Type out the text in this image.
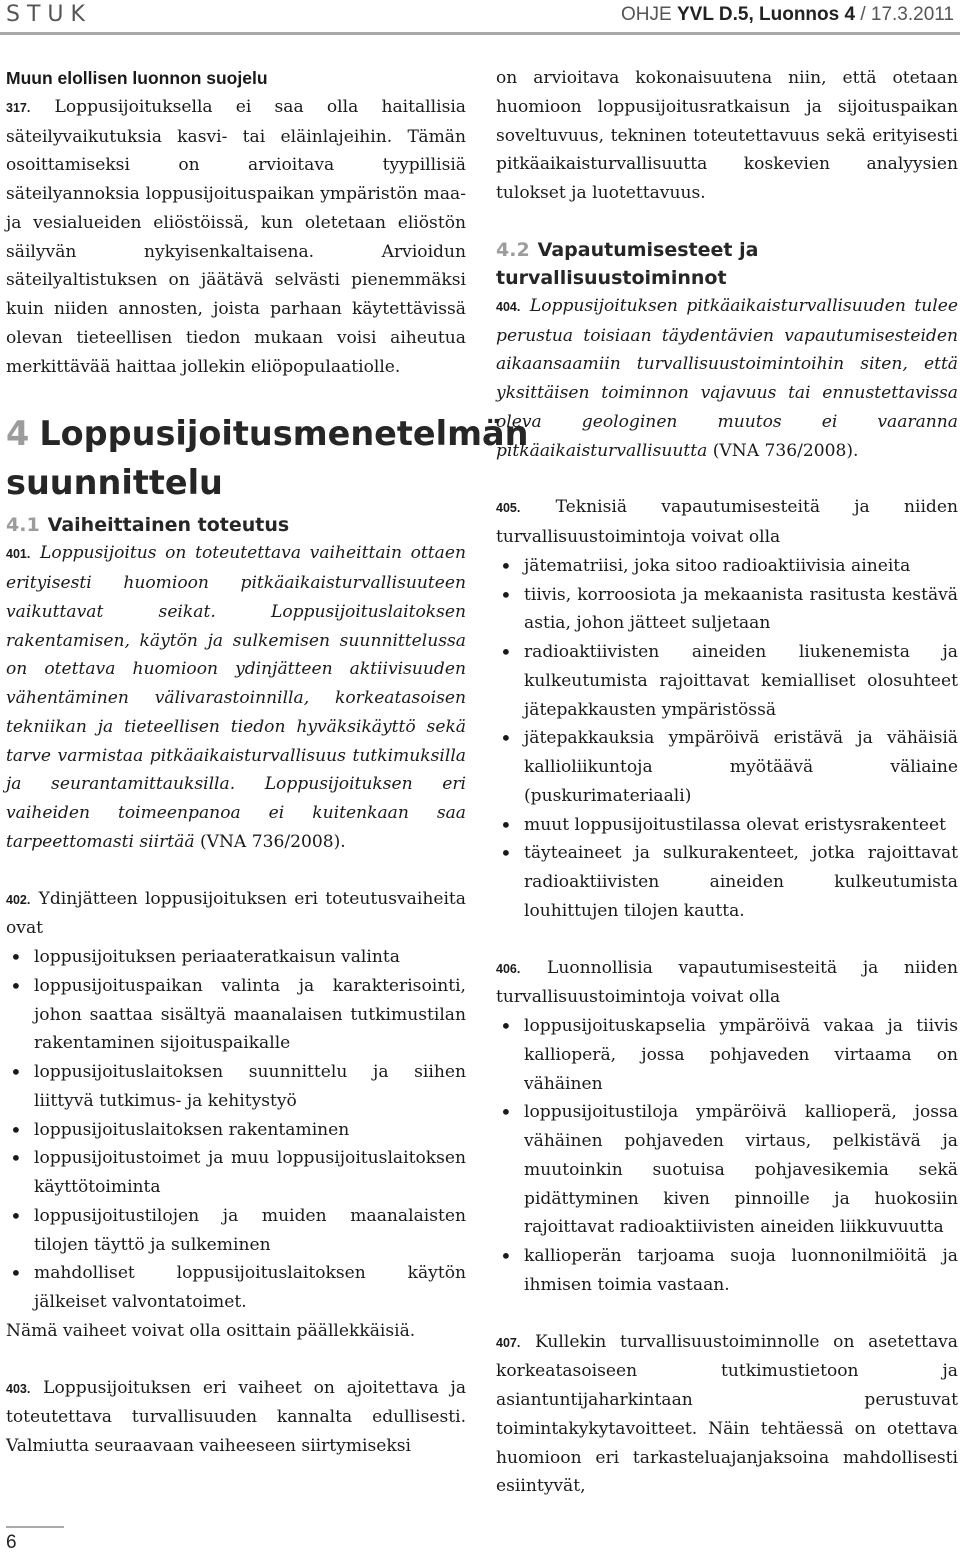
STUK	OHJE YVL D.5, Luonnos 4 / 17.3.2011

Muun elollisen luonnon suojelu

317. Loppusijoituksella ei saa olla haitallisia säteilyvaikutuksia kasvi- tai eläinlajeihin. Tämän osoittamiseksi on arvioitava tyypillisiä säteilyannoksia loppusijoituspaikan ympäristön maa- ja vesialueiden eliöstöissä, kun oletetaan eliöstön säilyvän nykyisenkaltaisena. Arvioidun säteilyaltistuksen on jäätävä selvästi pienemmäksi kuin niiden annosten, joista parhaan käytettävissä olevan tieteellisen tiedon mukaan voisi aiheutua merkittävää haittaa jollekin eliöpopulaatiolle.

4 Loppusijoitusmenetelmän suunnittelu
4.1 Vaiheittainen toteutus

401. Loppusijoitus on toteutettava vaiheittain ottaen erityisesti huomioon pitkäaikaisturvallisuuteen vaikuttavat seikat. Loppusijoituslaitoksen rakentamisen, käytön ja sulkemisen suunnittelussa on otettava huomioon ydinjätteen aktiivisuuden vähentäminen välivarastoinnilla, korkeatasoisen tekniikan ja tieteellisen tiedon hyväksikäyttö sekä tarve varmistaa pitkäaikaisturvallisuus tutkimuksilla ja seurantamittauksilla. Loppusijoituksen eri vaiheiden toimeenpanoa ei kuitenkaan saa tarpeettomasti siirtää (VNA 736/2008).

402. Ydinjätteen loppusijoituksen eri toteutusvaiheita ovat

• loppusijoituksen periaateratkaisun valinta
• loppusijoituspaikan valinta ja karakterisointi, johon saattaa sisältyä maanalaisen tutkimustilan rakentaminen sijoituspaikalle
• loppusijoituslaitoksen suunnittelu ja siihen liittyvä tutkimus- ja kehitystyö
• loppusijoituslaitoksen rakentaminen
• loppusijoitustoimet ja muu loppusijoituslaitoksen käyttötoiminta
• loppusijoitustilojen ja muiden maanalaisten tilojen täyttö ja sulkeminen
• mahdolliset loppusijoituslaitoksen käytön jälkeiset valvontatoimet.

Nämä vaiheet voivat olla osittain päällekkäisiä.

403. Loppusijoituksen eri vaiheet on ajoitettava ja toteutettava turvallisuuden kannalta edullisesti. Valmiutta seuraavaan vaiheeseen siirtymiseksi

on arvioitava kokonaisuutena niin, että otetaan huomioon loppusijoitusratkaisun ja sijoituspaikan soveltuvuus, tekninen toteutettavuus sekä erityisesti pitkäaikaisturvallisuutta koskevien analyysien tulokset ja luotettavuus.

4.2 Vapautumisesteet ja turvallisuustoiminnot

404. Loppusijoituksen pitkäaikaisturvallisuuden tulee perustua toisiaan täydentävien vapautumisesteiden aikaansaamiin turvallisuustoimintoihin siten, että yksittäisen toiminnon vajavuus tai ennustettavissa oleva geologinen muutos ei vaaranna pitkäaikaisturvallisuutta (VNA 736/2008).

405. Teknisiä vapautumisesteitä ja niiden turvallisuustoimintoja voivat olla

• jätematriisi, joka sitoo radioaktiivisia aineita
• tiivis, korroosiota ja mekaanista rasitusta kestävä astia, johon jätteet suljetaan
• radioaktiivisten aineiden liukenemista ja kulkeutumista rajoittavat kemialliset olosuhteet jätepakkausten ympäristössä
• jätepakkauksia ympäröivä eristävä ja vähäisiä kallioliikuntoja myötäävä väliaine (puskurimateriaali)
• muut loppusijoitustilassa olevat eristysrakenteet
• täyteaineet ja sulkurakenteet, jotka rajoittavat radioaktiivisten aineiden kulkeutumista louhittujen tilojen kautta.

406. Luonnollisia vapautumisesteitä ja niiden turvallisuustoimintoja voivat olla

• loppusijoituskapselia ympäröivä vakaa ja tiivis kallioperä, jossa pohjaveden virtaama on vähäinen
• loppusijoitustiloja ympäröivä kallioperä, jossa vähäinen pohjaveden virtaus, pelkistävä ja muutoinkin suotuisa pohjavesikemia sekä pidättyminen kiven pinnoille ja huokosiin rajoittavat radioaktiivisten aineiden liikkuvuutta
• kallioperän tarjoama suoja luonnonilmiöitä ja ihmisen toimia vastaan.

407. Kullekin turvallisuustoiminnolle on asetettava korkeatasoiseen tutkimustietoon ja asiantuntijaharkintaan perustuvat toimintakykytavoitteet. Näin tehtäessä on otettava huomioon eri tarkasteluajanjaksoina mahdollisesti esiintyvät,

6
